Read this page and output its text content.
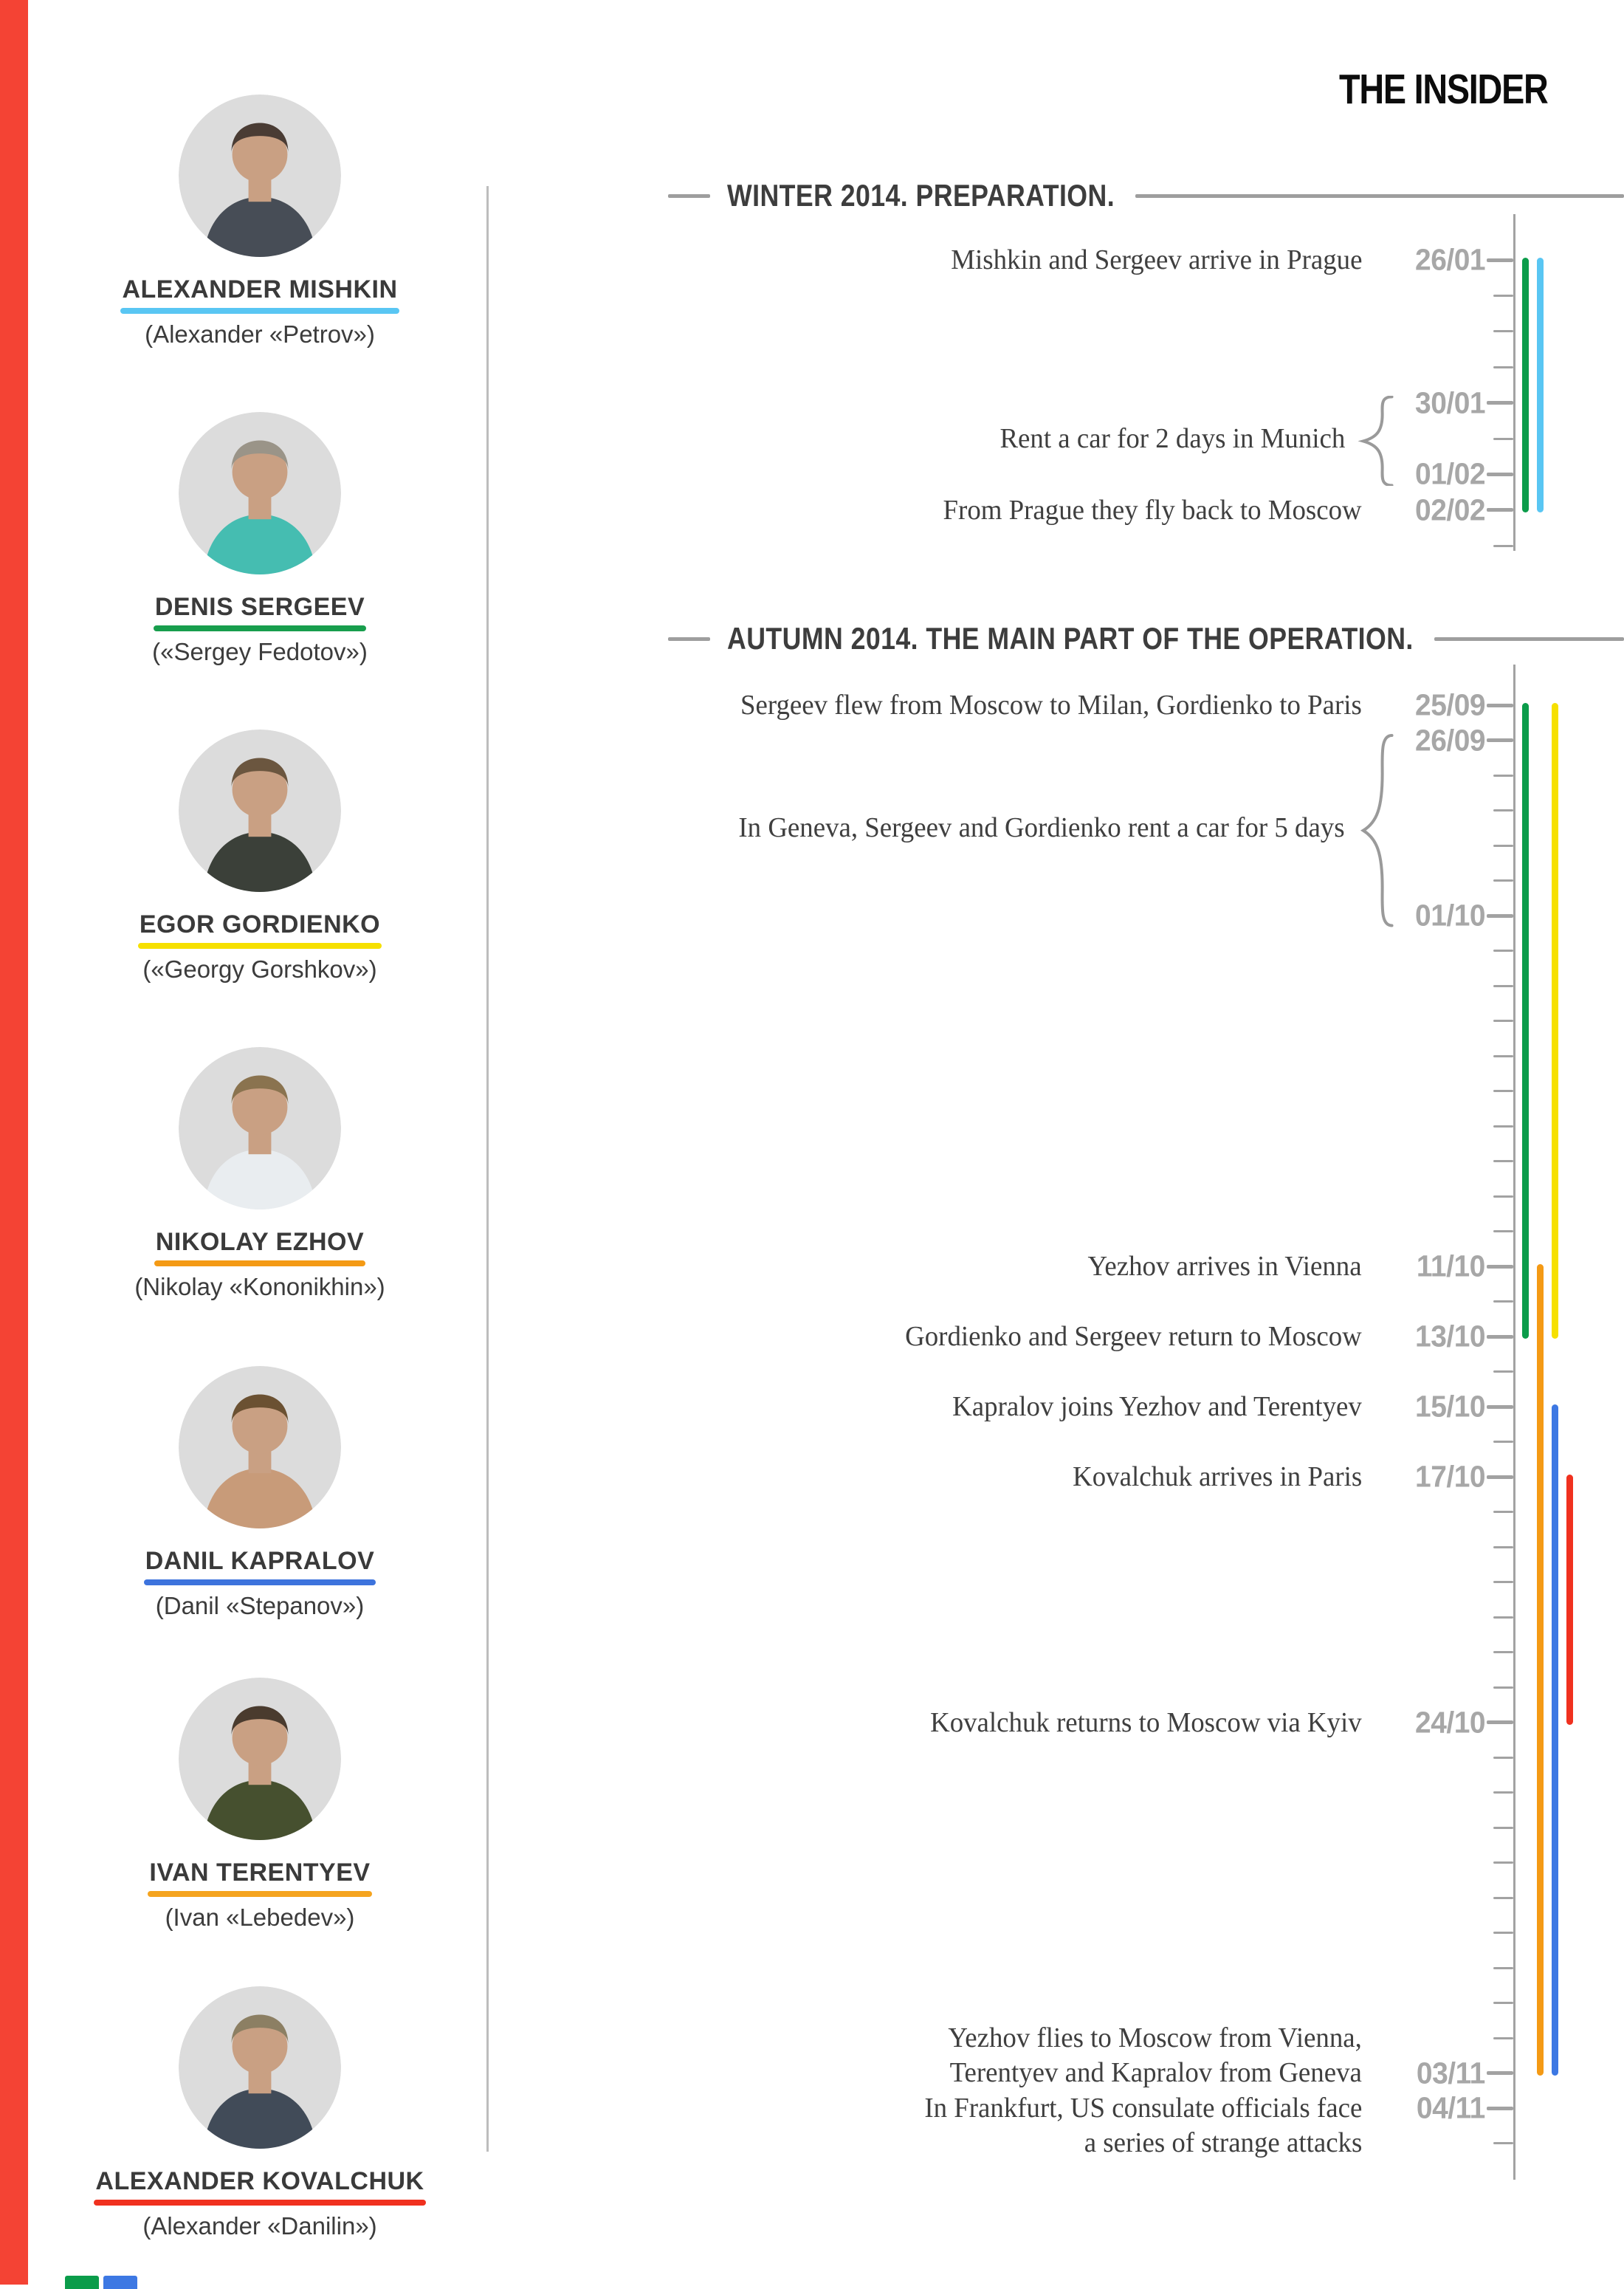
THE INSIDER
ALEXANDER MISHKIN
(Alexander «Petrov»)
DENIS SERGEEV
(«Sergey Fedotov»)
EGOR GORDIENKO
(«Georgy Gorshkov»)
NIKOLAY EZHOV
(Nikolay «Kononikhin»)
DANIL KAPRALOV
(Danil «Stepanov»)
IVAN TERENTYEV
(Ivan «Lebedev»)
ALEXANDER KOVALCHUK
(Alexander «Danilin»)
WINTER 2014. PREPARATION.
26/01
30/01
01/02
02/02
Mishkin and Sergeev arrive in Prague
Rent a car for 2 days in Munich
From Prague they fly back to Moscow
AUTUMN 2014. THE MAIN PART OF THE OPERATION.
25/09
26/09
01/10
11/10
13/10
15/10
17/10
24/10
03/11
04/11
Sergeev flew from Moscow to Milan, Gordienko to Paris
In Geneva, Sergeev and Gordienko rent a car for 5 days
Yezhov arrives in Vienna
Gordienko and Sergeev return to Moscow
Kapralov joins Yezhov and Terentyev
Kovalchuk arrives in Paris
Kovalchuk returns to Moscow via Kyiv
Yezhov flies to Moscow from Vienna,
Terentyev and Kapralov from Geneva
In Frankfurt, US consulate officials face
a series of strange attacks
